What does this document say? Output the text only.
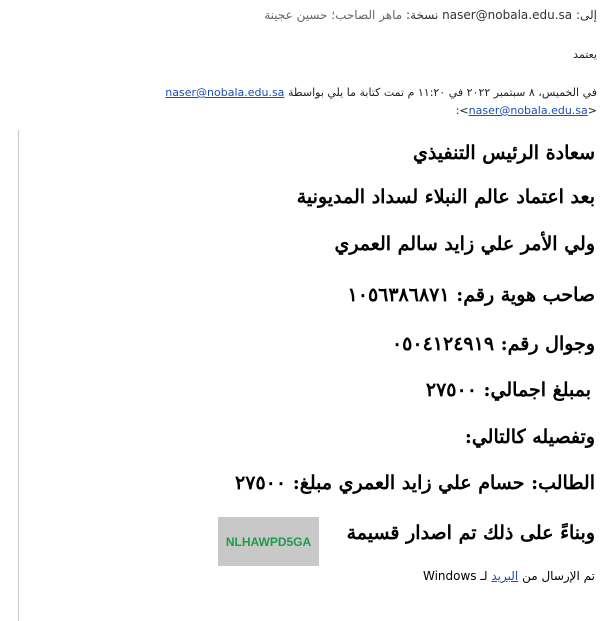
إلى: naser@nobala.edu.sa نسخة: ماهر الصاحب؛ حسين عجينة
يعتمد
في الخميس، ٨ سبتمبر ٢٠٢٢ في ١١:٢٠ م تمت كتابة ما يلي بواسطة naser@nobala.edu.sa
<naser@nobala.edu.sa>:
سعادة الرئيس التنفيذي
بعد اعتماد عالم النبلاء لسداد المديونية
ولي الأمر علي زايد سالم العمري
صاحب هوية رقم: ١٠٥٦٣٨٦٨٧١
وجوال رقم: ٠٥٠٤١٢٤٩١٩
بمبلغ اجمالي: ٢٧٥٠٠
وتفصيله كالتالي:
الطالب: حسام علي زايد العمري مبلغ: ٢٧٥٠٠
وبناءً على ذلك تم اصدار قسيمة
NLHAWPD5GA
تم الإرسال من البريد لـ Windows
